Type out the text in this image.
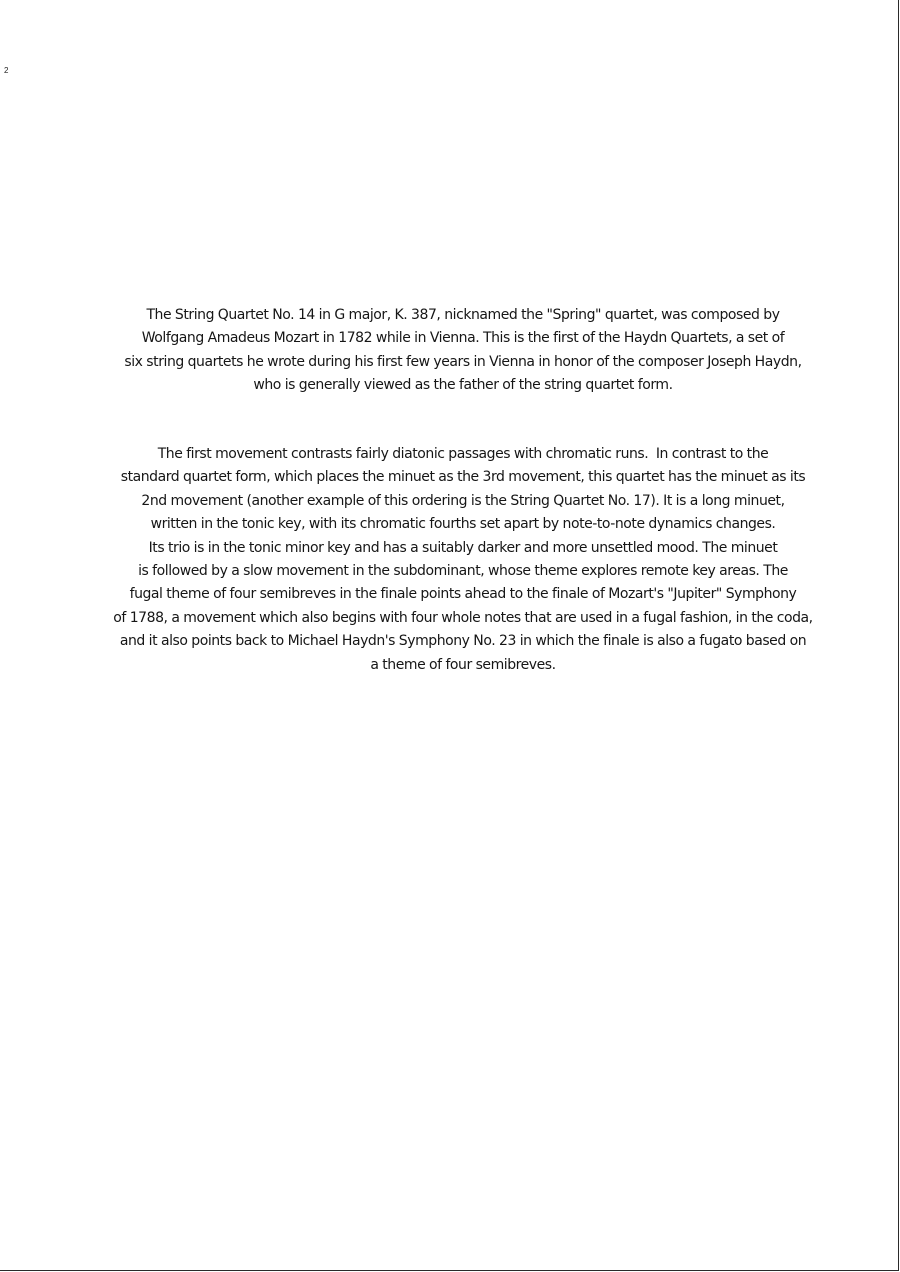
2

The String Quartet No. 14 in G major, K. 387, nicknamed the "Spring" quartet, was composed by
Wolfgang Amadeus Mozart in 1782 while in Vienna. This is the first of the Haydn Quartets, a set of
six string quartets he wrote during his first few years in Vienna in honor of the composer Joseph Haydn,
who is generally viewed as the father of the string quartet form.

The first movement contrasts fairly diatonic passages with chromatic runs.  In contrast to the
standard quartet form, which places the minuet as the 3rd movement, this quartet has the minuet as its
2nd movement (another example of this ordering is the String Quartet No. 17). It is a long minuet,
written in the tonic key, with its chromatic fourths set apart by note-to-note dynamics changes.
Its trio is in the tonic minor key and has a suitably darker and more unsettled mood. The minuet
is followed by a slow movement in the subdominant, whose theme explores remote key areas. The
fugal theme of four semibreves in the finale points ahead to the finale of Mozart's "Jupiter" Symphony
of 1788, a movement which also begins with four whole notes that are used in a fugal fashion, in the coda,
and it also points back to Michael Haydn's Symphony No. 23 in which the finale is also a fugato based on
a theme of four semibreves.
